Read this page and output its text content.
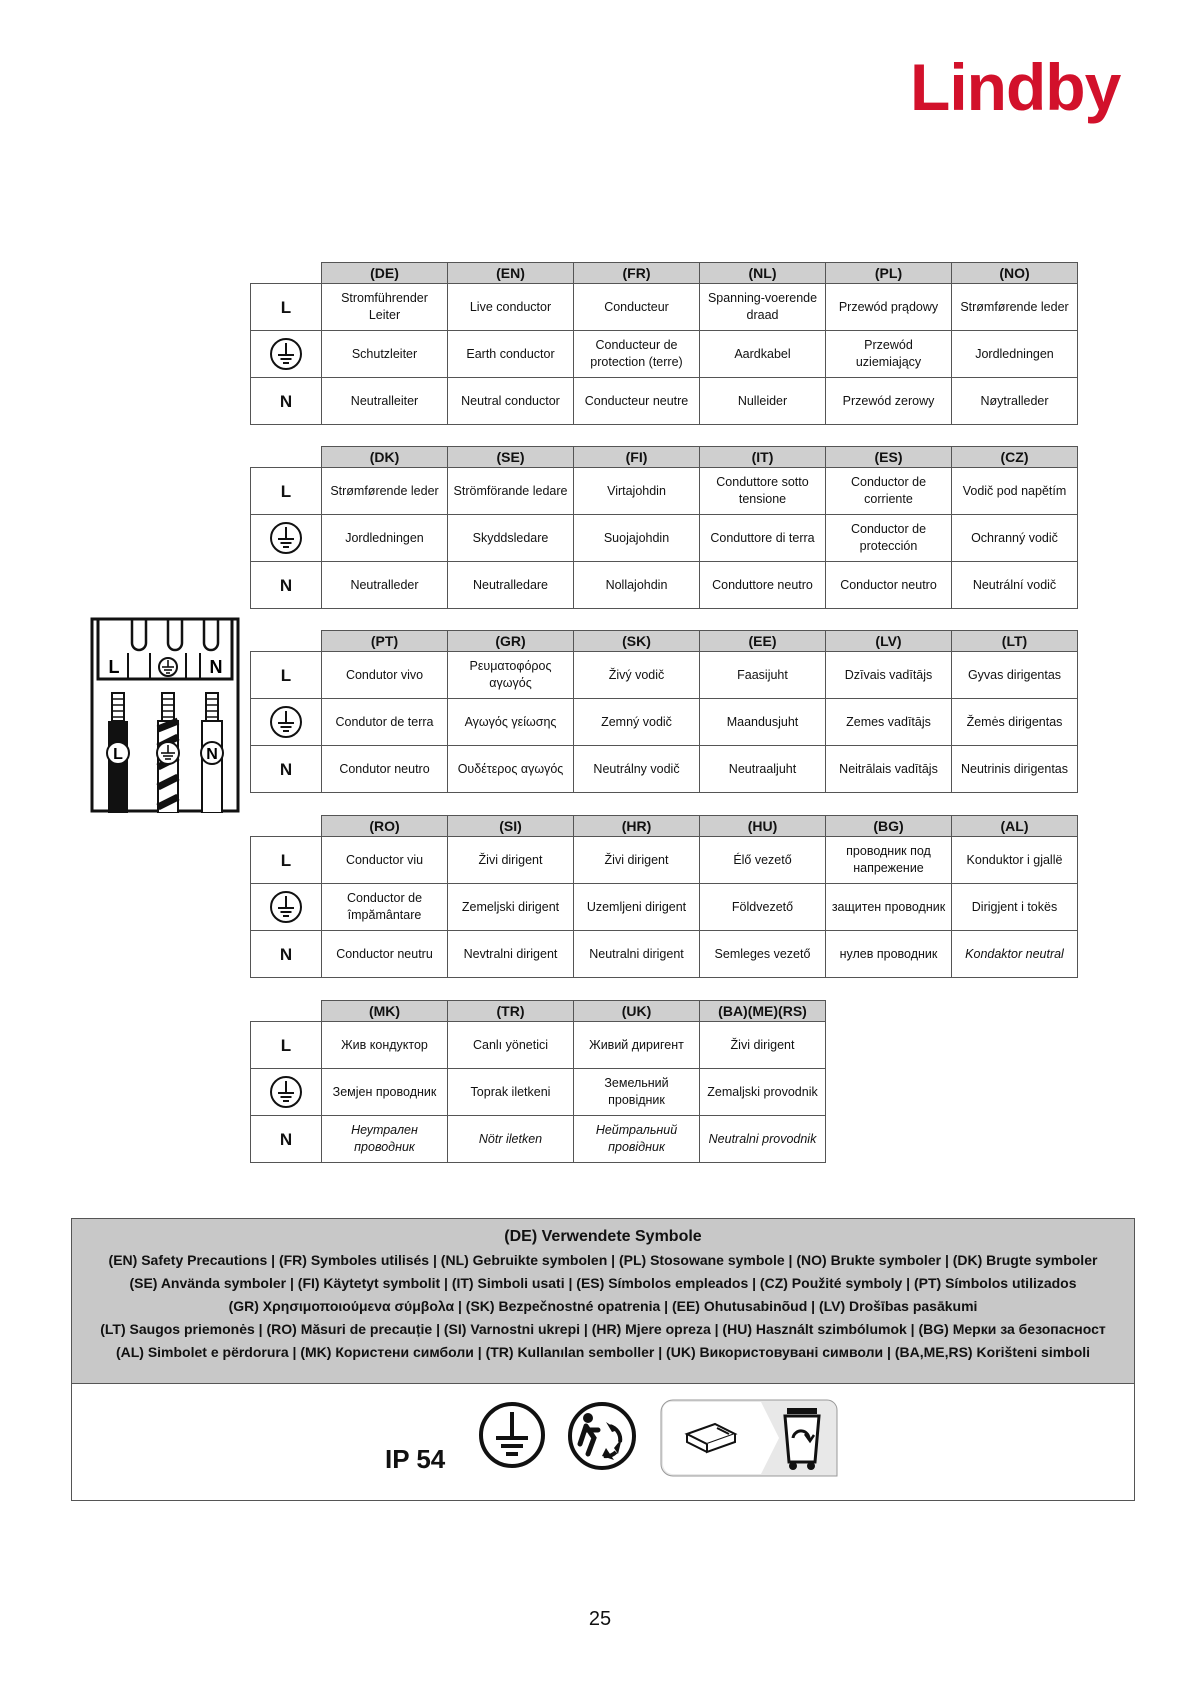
Lindby
	(DE)	(EN)	(FR)	(NL)	(PL)	(NO)
L	Stromführender Leiter	Live conductor	Conducteur	Spanning-voerende draad	Przewód prądowy	Strømførende leder

	Schutzleiter	Earth conductor	Conducteur de protection (terre)	Aardkabel	Przewód uziemiający	Jordledningen
N	Neutralleiter	Neutral conductor	Conducteur neutre	Nulleider	Przewód zerowy	Nøytralleder
	(DK)	(SE)	(FI)	(IT)	(ES)	(CZ)
L	Strømførende leder	Strömförande ledare	Virtajohdin	Conduttore sotto tensione	Conductor de corriente	Vodič pod napětím

	Jordledningen	Skyddsledare	Suojajohdin	Conduttore di terra	Conductor de protección	Ochranný vodič
N	Neutralleder	Neutralledare	Nollajohdin	Conduttore neutro	Conductor neutro	Neutrální vodič
	(PT)	(GR)	(SK)	(EE)	(LV)	(LT)
L	Condutor vivo	Ρευματοφόρος αγωγός	Živý vodič	Faasijuht	Dzīvais vadītājs	Gyvas dirigentas

	Condutor de terra	Αγωγός γείωσης	Zemný vodič	Maandusjuht	Zemes vadītājs	Žemės dirigentas
N	Condutor neutro	Ουδέτερος αγωγός	Neutrálny vodič	Neutraaljuht	Neitrālais vadītājs	Neutrinis dirigentas
	(RO)	(SI)	(HR)	(HU)	(BG)	(AL)
L	Conductor viu	Živi dirigent	Živi dirigent	Élő vezető	проводник под напрежение	Konduktor i gjallë

	Conductor de împământare	Zemeljski dirigent	Uzemljeni dirigent	Földvezető	защитен проводник	Dirigjent i tokës
N	Conductor neutru	Nevtralni dirigent	Neutralni dirigent	Semleges vezető	нулев проводник	Kondaktor neutral
	(MK)	(TR)	(UK)	(BA)(ME)(RS)
L	Жив кондуктор	Canlı yönetici	Живий диригент	Živi dirigent

	Земјен проводник	Toprak iletkeni	Земельний провідник	Zemaljski provodnik
N	Неутрален проводник	Nötr iletken	Нейтральний провідник	Neutralni provodnik
L	N
L	N
(DE) Verwendete Symbole
(EN) Safety Precautions | (FR) Symboles utilisés | (NL) Gebruikte symbolen | (PL) Stosowane symbole | (NO) Brukte symboler | (DK) Brugte symboler
(SE) Använda symboler | (FI) Käytetyt symbolit | (IT) Simboli usati | (ES) Símbolos empleados | (CZ) Použité symboly | (PT) Símbolos utilizados
(GR) Χρησιμοποιούμενα σύμβολα | (SK) Bezpečnostné opatrenia | (EE) Ohutusabinõud | (LV) Drošības pasākumi
(LT) Saugos priemonės | (RO) Măsuri de precauție | (SI) Varnostni ukrepi | (HR) Mjere opreza | (HU) Használt szimbólumok | (BG) Мерки за безопасност
(AL) Simbolet e përdorura | (MK) Користени симболи | (TR) Kullanılan semboller | (UK) Використовувані символи | (BA,ME,RS) Korišteni simboli
IP 54
25
